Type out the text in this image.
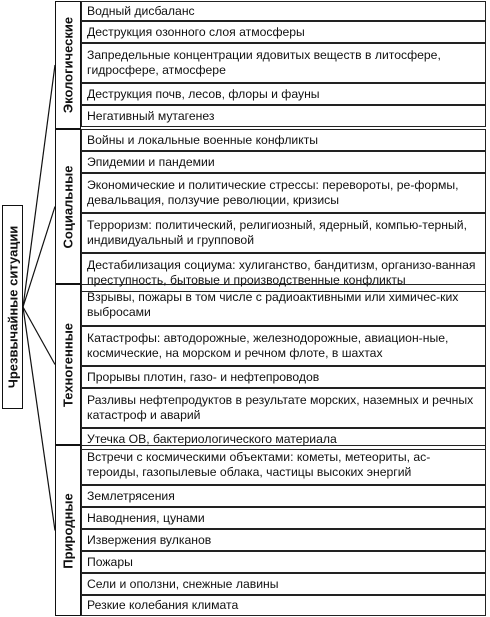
Чрезвычайные ситуации
Экологические
Водный дисбаланс
Деструкция озонного слоя атмосферы
Запредельные концентрации ядовитых веществ в литосфере, гидросфере, атмосфере
Деструкция почв, лесов, флоры и фауны
Негативный мутагенез
Социальные
Войны и локальные военные конфликты
Эпидемии и пандемии
Экономические и политические стрессы: перевороты, ре-формы, девальвация, ползучие революции, кризисы
Терроризм: политический, религиозный, ядерный, компью-терный, индивидуальный и групповой
Дестабилизация социума: хулиганство, бандитизм, организо-ванная преступность, бытовые и производственные конфликты
Техногенные
Взрывы, пожары в том числе с радиоактивными или химичес-ких выбросами
Катастрофы: автодорожные, железнодорожные, авиацион-ные, космические, на морском и речном флоте, в шахтах
Прорывы плотин, газо- и нефтепроводов
Разливы нефтепродуктов в результате морских, наземных и речных катастроф и аварий
Утечка ОВ, бактериологического материала
Природные
Встречи с космическими объектами: кометы, метеориты, ас-тероиды, газопылевые облака, частицы высоких энергий
Землетрясения
Наводнения, цунами
Извержения вулканов
Пожары
Сели и оползни, снежные лавины
Резкие колебания климата
